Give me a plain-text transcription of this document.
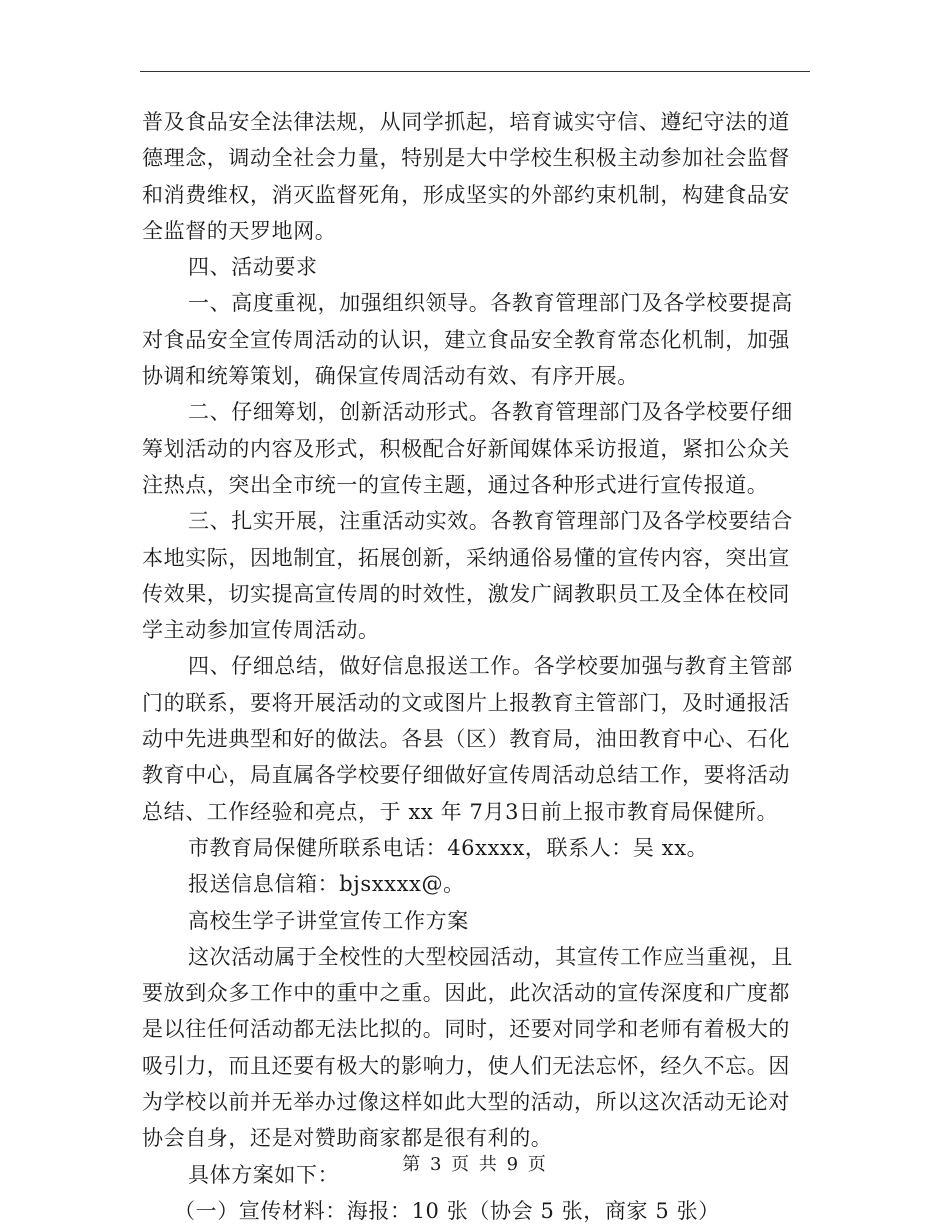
普及食品安全法律法规，从同学抓起，培育诚实守信、遵纪守法的道
德理念，调动全社会力量，特别是大中学校生积极主动参加社会监督
和消费维权，消灭监督死角，形成坚实的外部约束机制，构建食品安
全监督的天罗地网。
四、活动要求
一、高度重视，加强组织领导。各教育管理部门及各学校要提高
对食品安全宣传周活动的认识，建立食品安全教育常态化机制，加强
协调和统筹策划，确保宣传周活动有效、有序开展。
二、仔细筹划，创新活动形式。各教育管理部门及各学校要仔细
筹划活动的内容及形式，积极配合好新闻媒体采访报道，紧扣公众关
注热点，突出全市统一的宣传主题，通过各种形式进行宣传报道。
三、扎实开展，注重活动实效。各教育管理部门及各学校要结合
本地实际，因地制宜，拓展创新，采纳通俗易懂的宣传内容，突出宣
传效果，切实提高宣传周的时效性，激发广阔教职员工及全体在校同
学主动参加宣传周活动。
四、仔细总结，做好信息报送工作。各学校要加强与教育主管部
门的联系，要将开展活动的文或图片上报教育主管部门，及时通报活
动中先进典型和好的做法。各县（区）教育局，油田教育中心、石化
教育中心，局直属各学校要仔细做好宣传周活动总结工作，要将活动
总结、工作经验和亮点，于 xx 年 7月3日前上报市教育局保健所。
市教育局保健所联系电话：46xxxx，联系人：吴 xx。
报送信息信箱：bjsxxxx@。
高校生学子讲堂宣传工作方案
这次活动属于全校性的大型校园活动，其宣传工作应当重视，且
要放到众多工作中的重中之重。因此，此次活动的宣传深度和广度都
是以往任何活动都无法比拟的。同时，还要对同学和老师有着极大的
吸引力，而且还要有极大的影响力，使人们无法忘怀，经久不忘。因
为学校以前并无举办过像这样如此大型的活动，所以这次活动无论对
协会自身，还是对赞助商家都是很有利的。
具体方案如下：
（一）宣传材料：海报：10 张（协会 5 张，商家 5 张）
第 3 页 共 9 页
